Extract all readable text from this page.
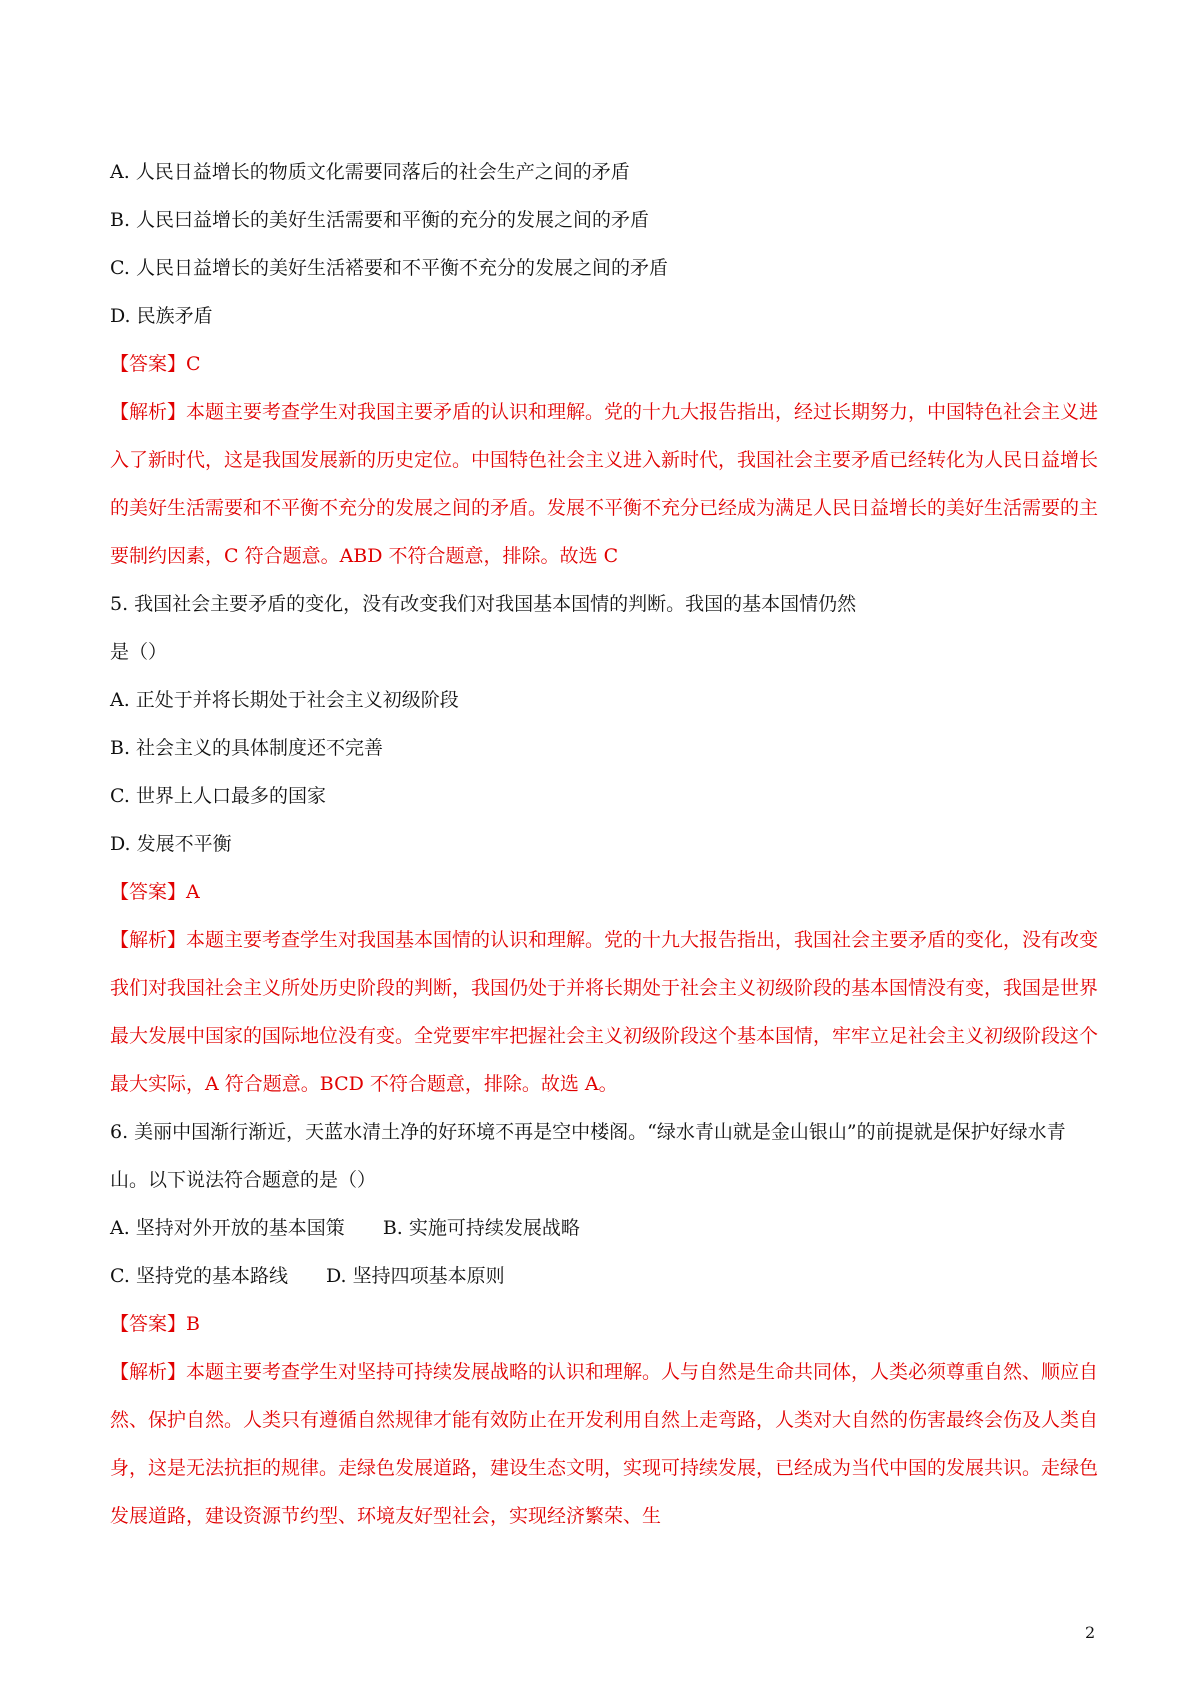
A. 人民日益增长的物质文化需要同落后的社会生产之间的矛盾
B. 人民曰益增长的美好生活需要和平衡的充分的发展之间的矛盾
C. 人民日益增长的美好生活褡要和不平衡不充分的发展之间的矛盾
D. 民族矛盾
【答案】C
【解析】本题主要考查学生对我国主要矛盾的认识和理解。党的十九大报告指出，经过长期努力，中国特色社会主义进入了新时代，这是我国发展新的历史定位。中国特色社会主义进入新时代，我国社会主要矛盾已经转化为人民日益增长的美好生活需要和不平衡不充分的发展之间的矛盾。发展不平衡不充分已经成为满足人民日益增长的美好生活需要的主要制约因素，C 符合题意。ABD 不符合题意，排除。故选 C
5. 我国社会主要矛盾的变化，没有改变我们对我国基本国情的判断。我国的基本国情仍然
是（）
A. 正处于并将长期处于社会主义初级阶段
B. 社会主义的具体制度还不完善
C. 世界上人口最多的国家
D. 发展不平衡
【答案】A
【解析】本题主要考查学生对我国基本国情的认识和理解。党的十九大报告指出，我国社会主要矛盾的变化，没有改变我们对我国社会主义所处历史阶段的判断，我国仍处于并将长期处于社会主义初级阶段的基本国情没有变，我国是世界最大发展中国家的国际地位没有变。全党要牢牢把握社会主义初级阶段这个基本国情，牢牢立足社会主义初级阶段这个最大实际，A 符合题意。BCD 不符合题意，排除。故选 A。
6. 美丽中国渐行渐近，天蓝水清土净的好环境不再是空中楼阁。“绿水青山就是金山银山”的前提就是保护好绿水青山。以下说法符合题意的是（）
A. 坚持对外开放的基本国策 B. 实施可持续发展战略
C. 坚持党的基本路线 D. 坚持四项基本原则
【答案】B
【解析】本题主要考查学生对坚持可持续发展战略的认识和理解。人与自然是生命共同体，人类必须尊重自然、顺应自然、保护自然。人类只有遵循自然规律才能有效防止在开发利用自然上走弯路，人类对大自然的伤害最终会伤及人类自身，这是无法抗拒的规律。走绿色发展道路，建设生态文明，实现可持续发展，已经成为当代中国的发展共识。走绿色发展道路，建设资源节约型、环境友好型社会，实现经济繁荣、生
2
